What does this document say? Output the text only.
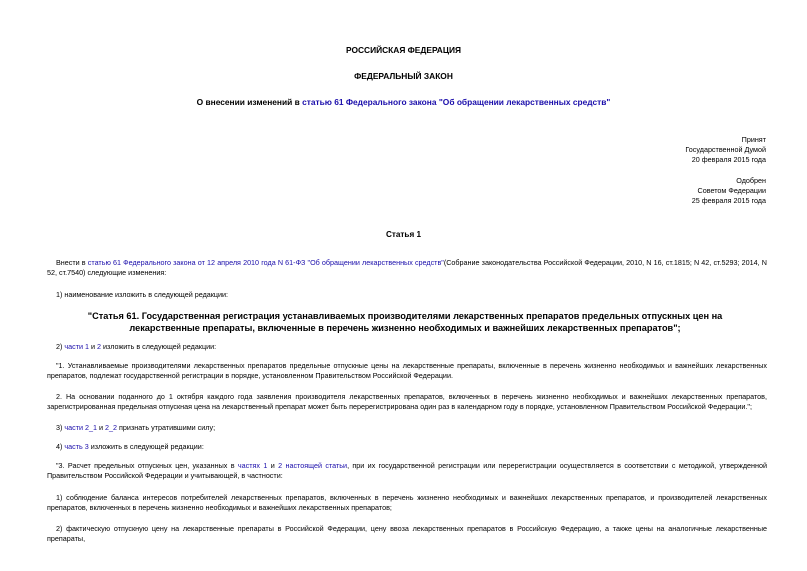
РОССИЙСКАЯ ФЕДЕРАЦИЯ
ФЕДЕРАЛЬНЫЙ ЗАКОН
О внесении изменений в статью 61 Федерального закона "Об обращении лекарственных средств"
Принят
Государственной Думой
20 февраля 2015 года
Одобрен
Советом Федерации
25 февраля 2015 года
Статья 1
Внести в статью 61 Федерального закона от 12 апреля 2010 года N 61-ФЗ "Об обращении лекарственных средств"(Собрание законодательства Российской Федерации, 2010, N 16, ст.1815; N 42, ст.5293; 2014, N 52, ст.7540) следующие изменения:
1) наименование изложить в следующей редакции:
"Статья 61. Государственная регистрация устанавливаемых производителями лекарственных препаратов предельных отпускных цен на лекарственные препараты, включенные в перечень жизненно необходимых и важнейших лекарственных препаратов";
2) части 1 и 2 изложить в следующей редакции:
"1. Устанавливаемые производителями лекарственных препаратов предельные отпускные цены на лекарственные препараты, включенные в перечень жизненно необходимых и важнейших лекарственных препаратов, подлежат государственной регистрации в порядке, установленном Правительством Российской Федерации.
2. На основании поданного до 1 октября каждого года заявления производителя лекарственных препаратов, включенных в перечень жизненно необходимых и важнейших лекарственных препаратов, зарегистрированная предельная отпускная цена на лекарственный препарат может быть перерегистрирована один раз в календарном году в порядке, установленном Правительством Российской Федерации.";
3) части 2_1 и 2_2 признать утратившими силу;
4) часть 3 изложить в следующей редакции:
"3. Расчет предельных отпускных цен, указанных в частях 1 и 2 настоящей статьи, при их государственной регистрации или перерегистрации осуществляется в соответствии с методикой, утвержденной Правительством Российской Федерации и учитывающей, в частности:
1) соблюдение баланса интересов потребителей лекарственных препаратов, включенных в перечень жизненно необходимых и важнейших лекарственных препаратов, и производителей лекарственных препаратов, включенных в перечень жизненно необходимых и важнейших лекарственных препаратов;
2) фактическую отпускную цену на лекарственные препараты в Российской Федерации, цену ввоза лекарственных препаратов в Российскую Федерацию, а также цены на аналогичные лекарственные препараты,
